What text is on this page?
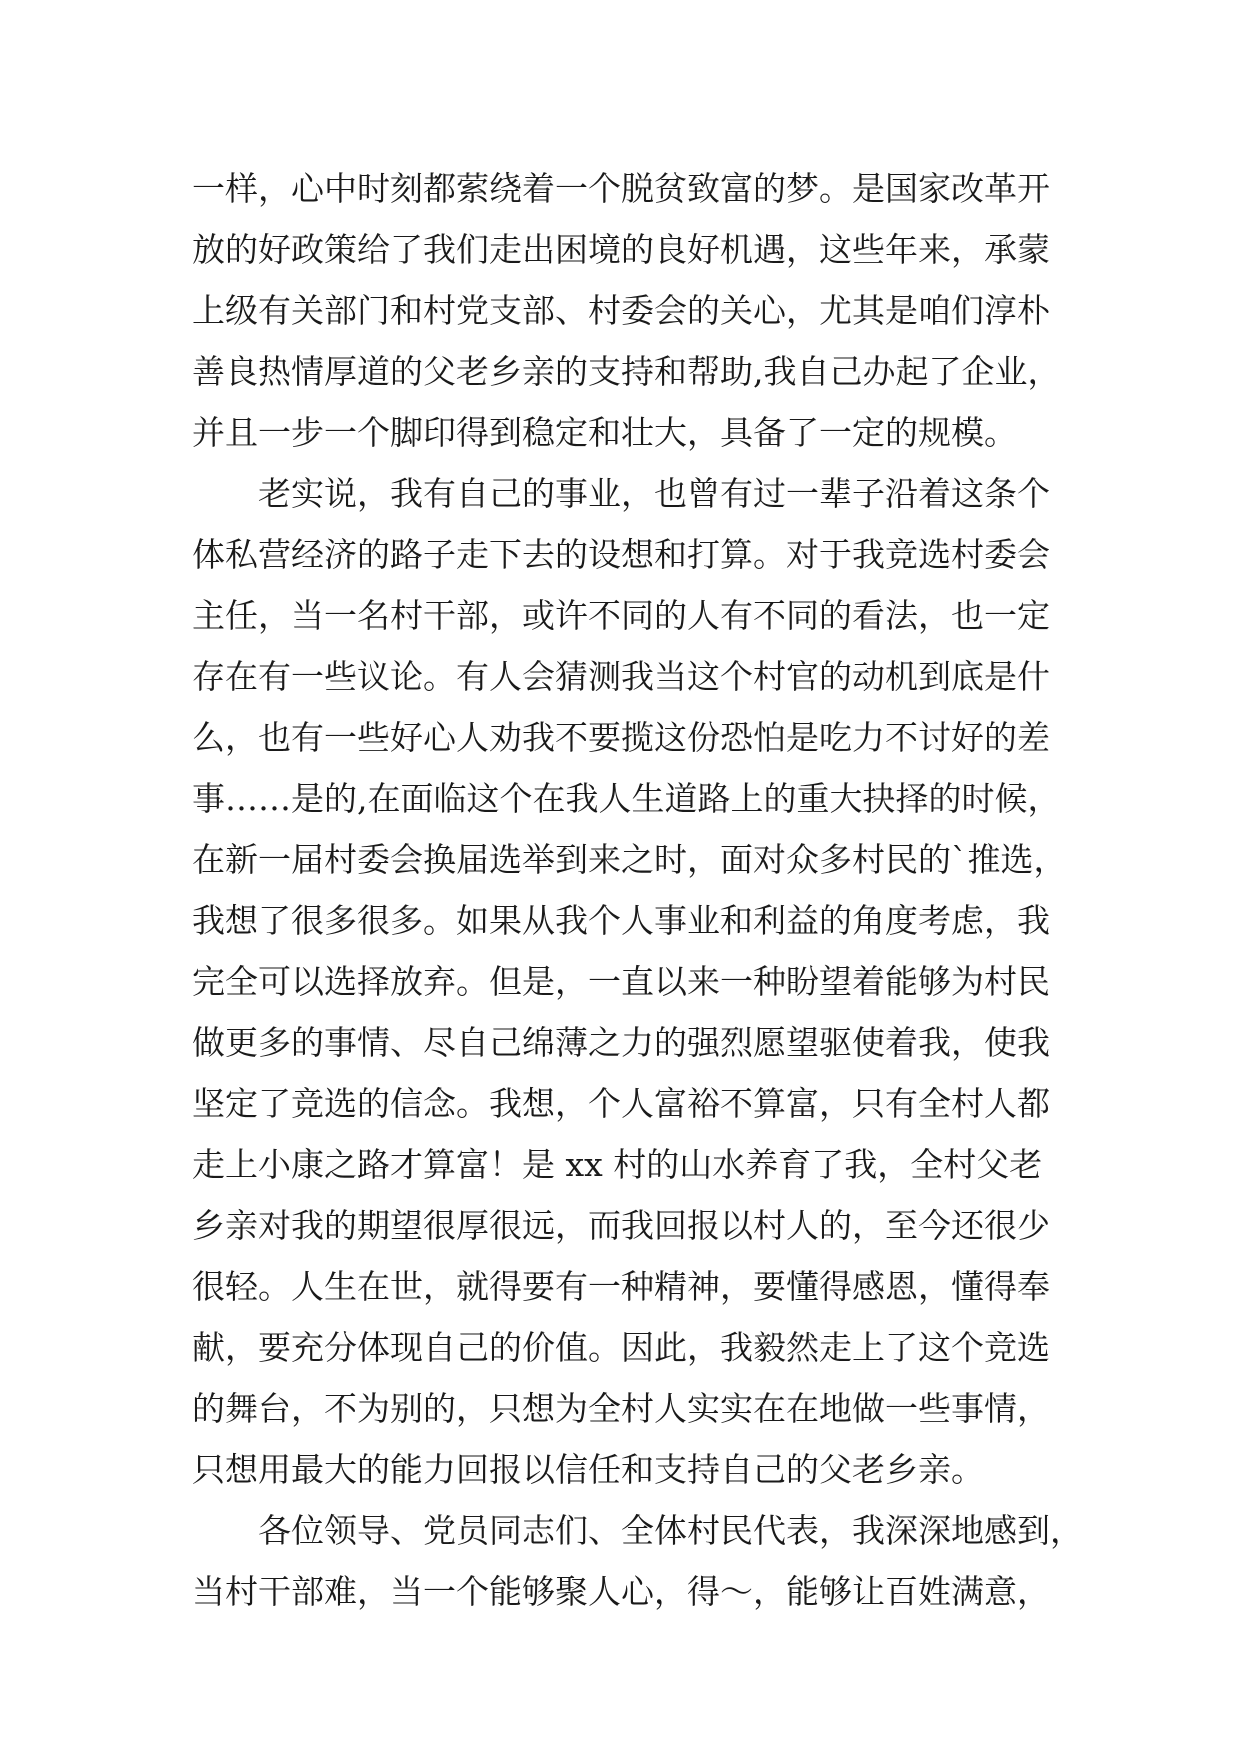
一样，心中时刻都萦绕着一个脱贫致富的梦。是国家改革开
放的好政策给了我们走出困境的良好机遇，这些年来，承蒙
上级有关部门和村党支部、村委会的关心，尤其是咱们淳朴
善良热情厚道的父老乡亲的支持和帮助,我自己办起了企业，
并且一步一个脚印得到稳定和壮大，具备了一定的规模。
　　老实说，我有自己的事业，也曾有过一辈子沿着这条个
体私营经济的路子走下去的设想和打算。对于我竞选村委会
主任，当一名村干部，或许不同的人有不同的看法，也一定
存在有一些议论。有人会猜测我当这个村官的动机到底是什
么，也有一些好心人劝我不要揽这份恐怕是吃力不讨好的差
事……是的,在面临这个在我人生道路上的重大抉择的时候，
在新一届村委会换届选举到来之时，面对众多村民的`推选，
我想了很多很多。如果从我个人事业和利益的角度考虑，我
完全可以选择放弃。但是，一直以来一种盼望着能够为村民
做更多的事情、尽自己绵薄之力的强烈愿望驱使着我，使我
坚定了竞选的信念。我想，个人富裕不算富，只有全村人都
走上小康之路才算富！是 xx 村的山水养育了我，全村父老
乡亲对我的期望很厚很远，而我回报以村人的，至今还很少
很轻。人生在世，就得要有一种精神，要懂得感恩，懂得奉
献，要充分体现自己的价值。因此，我毅然走上了这个竞选
的舞台，不为别的，只想为全村人实实在在地做一些事情，
只想用最大的能力回报以信任和支持自己的父老乡亲。
　　各位领导、党员同志们、全体村民代表，我深深地感到，
当村干部难，当一个能够聚人心，得～，能够让百姓满意，
